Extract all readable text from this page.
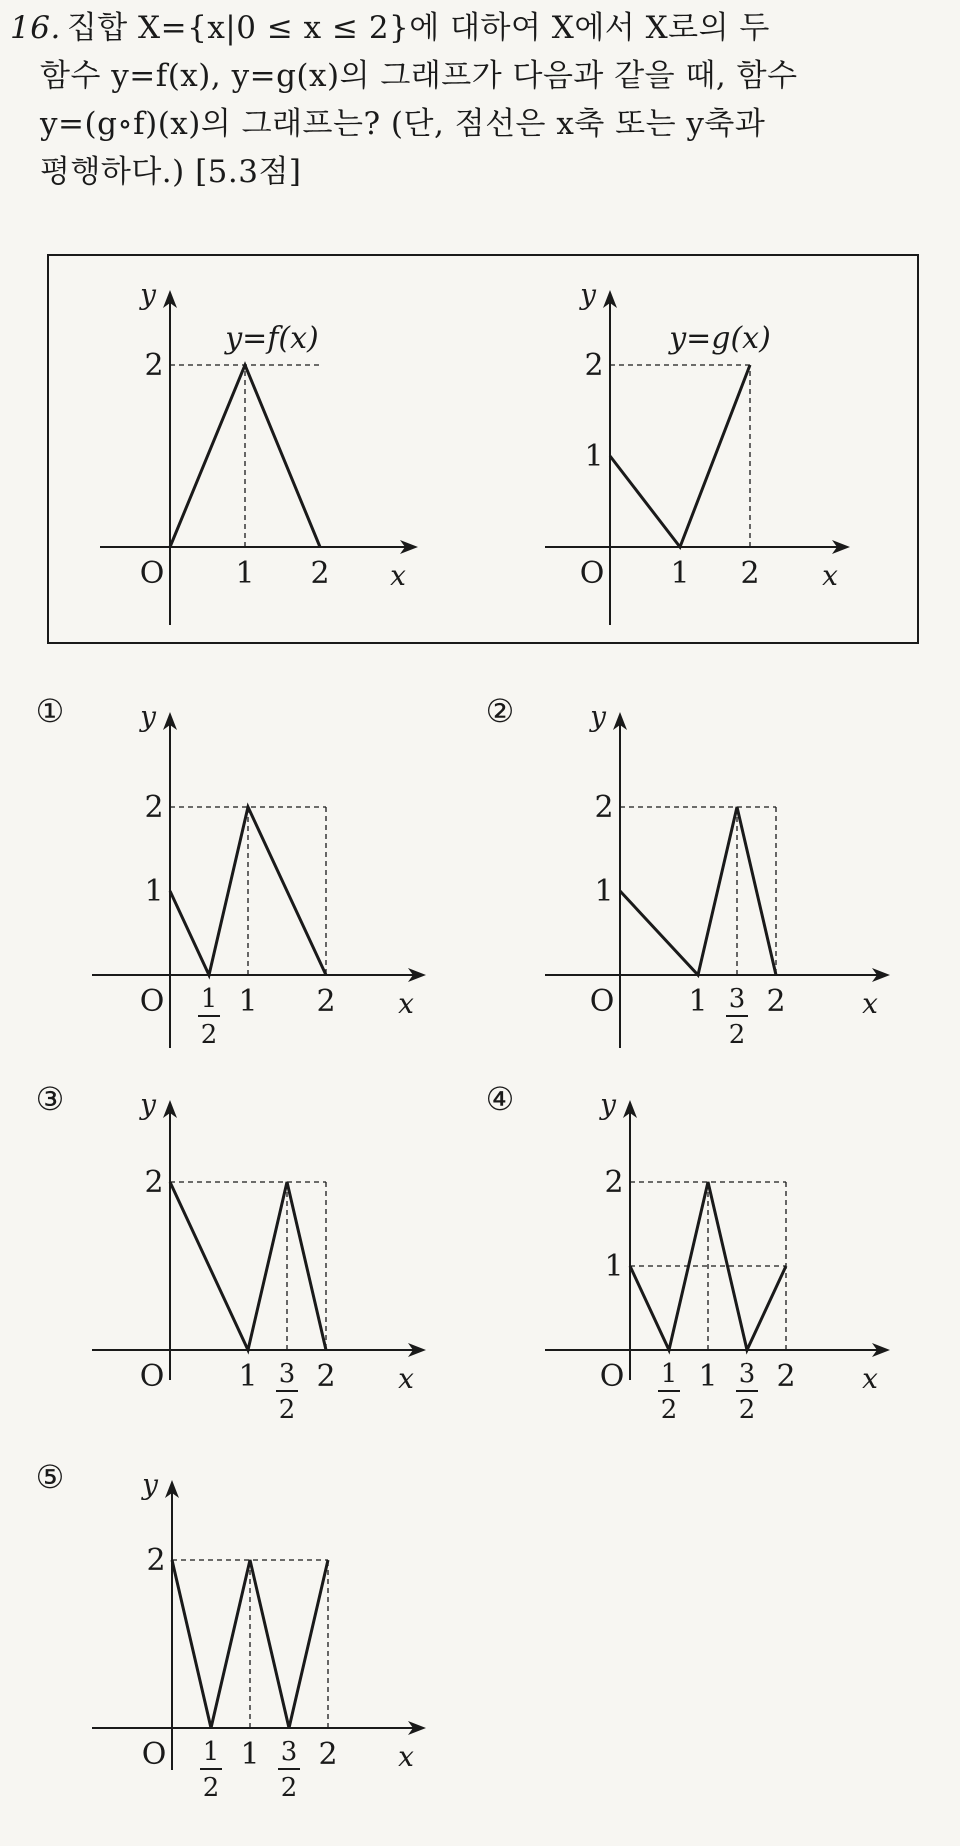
16. 집합 X={x|0 ≤ x ≤ 2}에 대하여 X에서 X로의 두
함수 y=f(x), y=g(x)의 그래프가 다음과 같을 때, 함수
y=(g∘f)(x)의 그래프는? (단, 점선은 x축 또는 y축과
평행하다.) [5.3점]
y
x
O 1 2
2
y=f(x)
y
x
O 1 2
1
2
y=g(x)
y
x
O 1 2
1
2
1
2
①	y
x
O 1 2
3
2
1
2
②
y
x
O 1 2
3
2
2
③	y
x
O 1 2
1
2
3
2
1
2
④
y
x
O 1 2
1
2
3
2
2
⑤
